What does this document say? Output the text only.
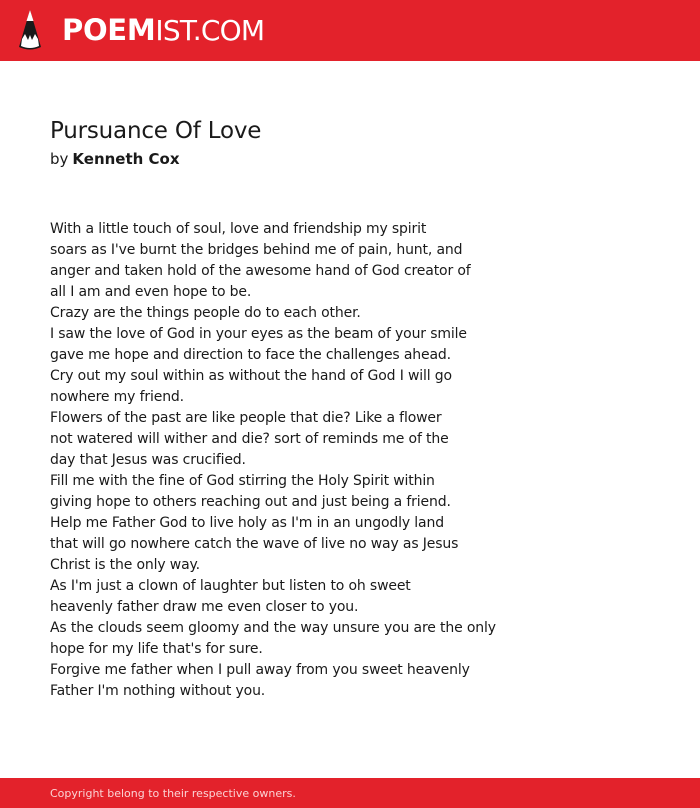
POEMIST.COM
Pursuance Of Love
by Kenneth Cox
With a little touch of soul, love and friendship my spirit
soars as I've burnt the bridges behind me of pain, hunt, and
anger and taken hold of the awesome hand of God creator of
all I am and even hope to be.
Crazy are the things people do to each other.
I saw the love of God in your eyes as the beam of your smile
gave me hope and direction to face the challenges ahead.
Cry out my soul within as without the hand of God I will go
nowhere my friend.
Flowers of the past are like people that die? Like a flower
not watered will wither and die? sort of reminds me of the
day that Jesus was crucified.
Fill me with the fine of God stirring the Holy Spirit within
giving hope to others reaching out and just being a friend.
Help me Father God to live holy as I'm in an ungodly land
that will go nowhere catch the wave of live no way as Jesus
Christ is the only way.
As I'm just a clown of laughter but listen to oh sweet
heavenly father draw me even closer to you.
As the clouds seem gloomy and the way unsure you are the only
hope for my life that's for sure.
Forgive me father when I pull away from you sweet heavenly
Father I'm nothing without you.
Copyright belong to their respective owners.
